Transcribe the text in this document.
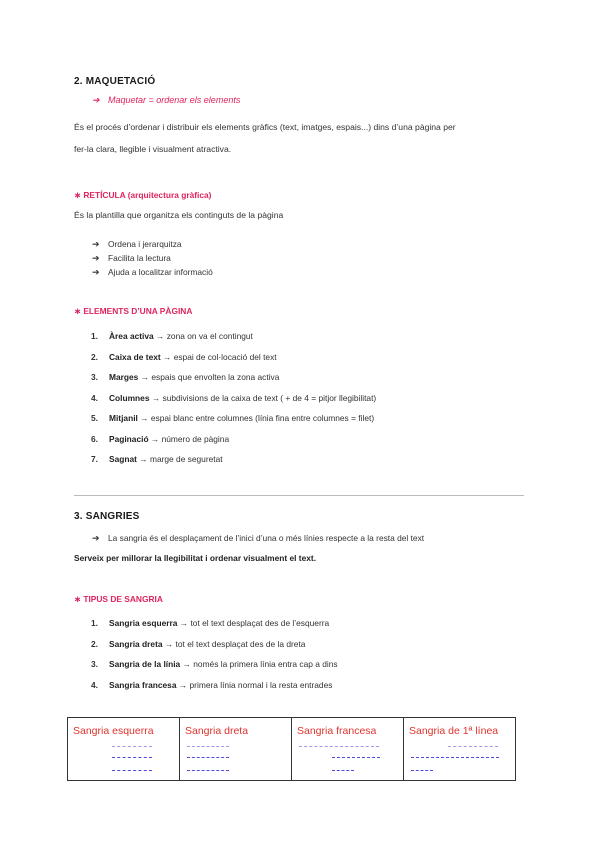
2. MAQUETACIÓ
➔ Maquetar = ordenar els elements
És el procés d’ordenar i distribuir els elements gràfics (text, imatges, espais...) dins d’una pàgina per
fer-la clara, llegible i visualment atractiva.
∗ RETÍCULA (arquitectura gràfica)
És la plantilla que organitza els continguts de la pàgina
➔ Ordena i jerarquitza
➔ Facilita la lectura
➔ Ajuda a localitzar informació
∗ ELEMENTS D’UNA PÀGINA
1. Àrea activa → zona on va el contingut
2. Caixa de text → espai de col·locació del text
3. Marges → espais que envolten la zona activa
4. Columnes → subdivisions de la caixa de text ( + de 4 = pitjor llegibilitat)
5. Mitjanil → espai blanc entre columnes (línia fina entre columnes = filet)
6. Paginació → número de pàgina
7. Sagnat → marge de seguretat
3. SANGRIES
➔ La sangria és el desplaçament de l’inici d’una o més línies respecte a la resta del text
Serveix per millorar la llegibilitat i ordenar visualment el text.
∗ TIPUS DE SANGRIA
1. Sangria esquerra → tot el text desplaçat des de l’esquerra
2. Sangria dreta → tot el text desplaçat des de la dreta
3. Sangria de la línia → només la primera línia entra cap a dins
4. Sangria francesa → primera línia normal i la resta entrades
Sangria esquerra	Sangria dreta	Sangria francesa	Sangria de 1ª línea
